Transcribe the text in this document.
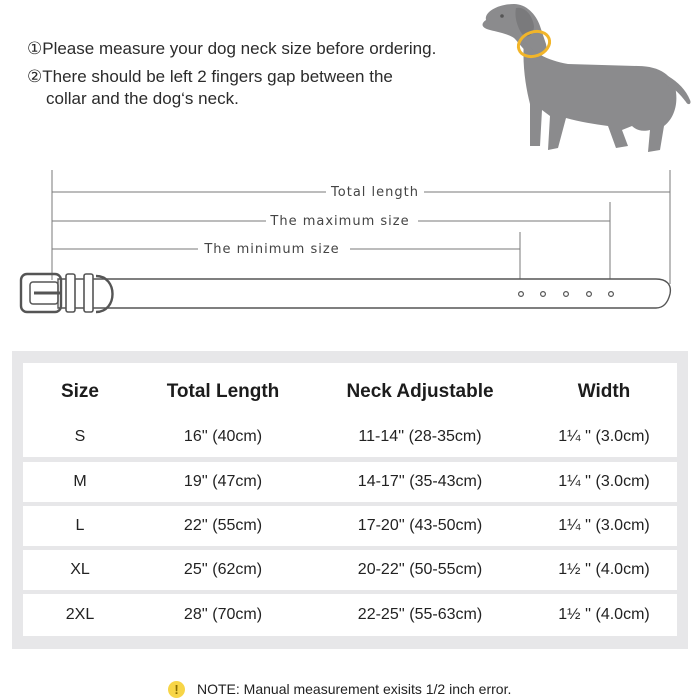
①Please measure your dog neck size before ordering.
②There should be left 2 fingers gap between the
collar and the dog‘s neck.
Total length
The maximum size
The minimum size
Size	Total Length	Neck Adjustable	Width
S	16'' (40cm)	11-14'' (28-35cm)	1¼ '' (3.0cm)
M	19'' (47cm)	14-17'' (35-43cm)	1¼ '' (3.0cm)
L	22'' (55cm)	17-20'' (43-50cm)	1¼ '' (3.0cm)
XL	25'' (62cm)	20-22'' (50-55cm)	1½ '' (4.0cm)
2XL	28'' (70cm)	22-25'' (55-63cm)	1½ '' (4.0cm)
!	NOTE: Manual measurement exisits 1/2 inch error.
